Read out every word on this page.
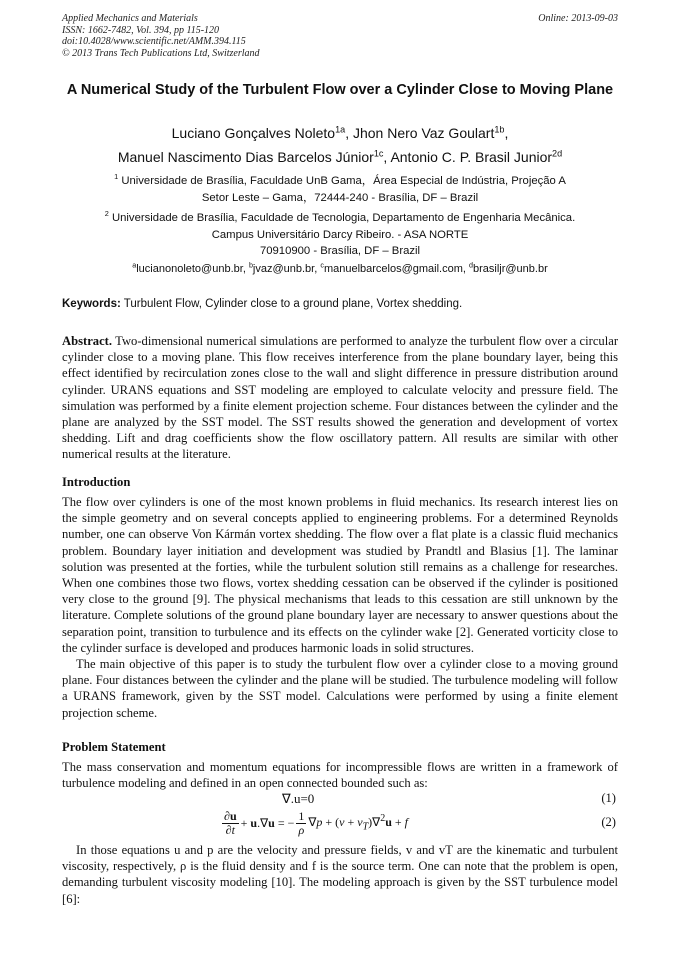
Applied Mechanics and Materials
ISSN: 1662-7482, Vol. 394, pp 115-120
doi:10.4028/www.scientific.net/AMM.394.115
© 2013 Trans Tech Publications Ltd, Switzerland
Online: 2013-09-03
A Numerical Study of the Turbulent Flow over a Cylinder Close to Moving Plane
Luciano Gonçalves Noleto$^{1a}$, Jhon Nero Vaz Goulart$^{1b}$,
Manuel Nascimento Dias Barcelos Júnior$^{1c}$, Antonio C. P. Brasil Junior$^{2d}$
$^1$ Universidade de Brasília, Faculdade UnB Gama，Área Especial de Indústria, Projeção A
Setor Leste – Gama，72444-240 - Brasília, DF – Brazil
$^2$ Universidade de Brasília, Faculdade de Tecnologia, Departamento de Engenharia Mecânica.
Campus Universitário Darcy Ribeiro. - ASA NORTE
70910900 - Brasília, DF – Brazil
$^a$lucianonoleto@unb.br, $^b$jvaz@unb.br, $^c$manuelbarcelos@gmail.com, $^d$brasiljr@unb.br
Keywords: Turbulent Flow, Cylinder close to a ground plane, Vortex shedding.
Abstract. Two-dimensional numerical simulations are performed to analyze the turbulent flow over a circular cylinder close to a moving plane. This flow receives interference from the plane boundary layer, being this effect identified by recirculation zones close to the wall and slight difference in pressure distribution around cylinder. URANS equations and SST modeling are employed to calculate velocity and pressure field. The simulation was performed by a finite element projection scheme. Four distances between the cylinder and the plane are analyzed by the SST model. The SST results showed the generation and development of vortex shedding. Lift and drag coefficients show the flow oscillatory pattern. All results are similar with other numerical results at the literature.
Introduction

The flow over cylinders is one of the most known problems in fluid mechanics. Its research interest lies on the simple geometry and on several concepts applied to engineering problems. For a determined Reynolds number, one can observe Von Kármán vortex shedding. The flow over a flat plate is a classic fluid mechanics problem. Boundary layer initiation and development was studied by Prandtl and Blasius [1]. The laminar solution was presented at the forties, while the turbulent solution still remains as a challenge for researches. When one combines those two flows, vortex shedding cessation can be observed if the cylinder is positioned very close to the ground [9]. The physical mechanisms that leads to this cessation are still unknown by the literature. Complete solutions of the ground plane boundary layer are necessary to answer questions about the separation point, transition to turbulence and its effects on the cylinder wake [2]. Generated vorticity close to the cylinder surface is developed and produces harmonic loads in solid structures.

The main objective of this paper is to study the turbulent flow over a cylinder close to a moving ground plane. Four distances between the cylinder and the plane will be studied. The turbulence modeling will follow a URANS framework, given by the SST model. Calculations were performed by using a finite element projection scheme.

Problem Statement
The mass conservation and momentum equations for incompressible flows are written in a framework of turbulence modeling and defined in an open connected bounded such as:
∇.u=0	(1)
$\frac{\partial u}{\partial t} + u.\nabla u$ = − $\frac{1}{\rho} \nabla p + (\nu + \nu_T)\nabla^2u + f$	(2)
In those equations u and p are the velocity and pressure fields, v and vT are the kinematic and turbulent viscosity, respectively, ρ is the fluid density and f is the source term. One can note that the problem is open, demanding turbulent viscosity modeling [10]. The modeling approach is given by the SST turbulence model [6]:
